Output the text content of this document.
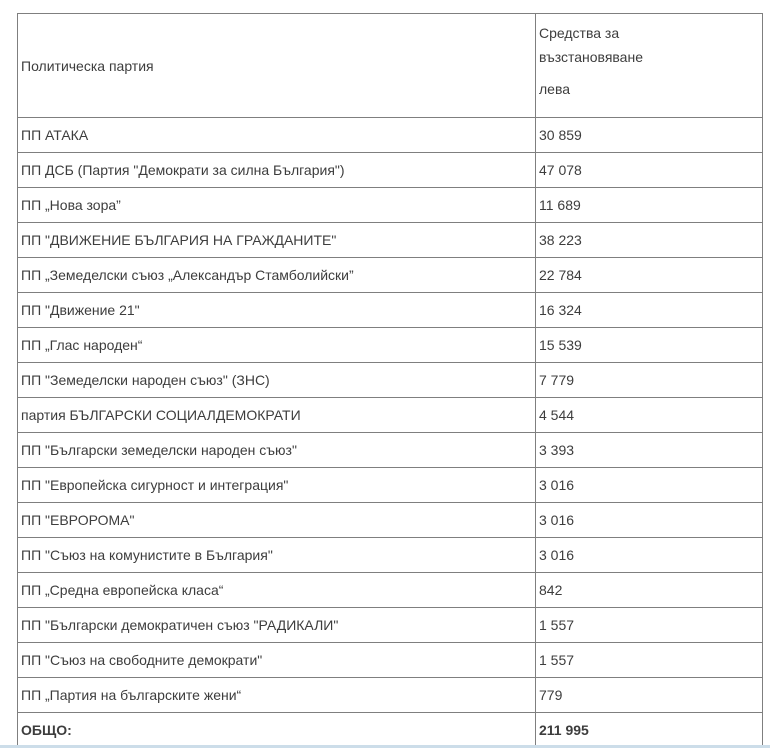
Политическа партия	Средства за възстановяване

лева

ПП АТАКА	30 859
ПП ДСБ (Партия "Демократи за силна България")	47 078
ПП „Нова зора”	11 689
ПП "ДВИЖЕНИЕ БЪЛГАРИЯ НА ГРАЖДАНИТЕ"	38 223
ПП „Земеделски съюз „Александър Стамболийски”	22 784
ПП "Движение 21"	16 324
ПП „Глас народен“	15 539
ПП "Земеделски народен съюз" (ЗНС)	7 779
партия БЪЛГАРСКИ СОЦИАЛДЕМОКРАТИ	4 544
ПП "Български земеделски народен съюз"	3 393
ПП "Европейска сигурност и интеграция"	3 016
ПП "ЕВРОРОМА"	3 016
ПП "Съюз на комунистите в България"	3 016
ПП „Средна европейска класа“	842
ПП "Български демократичен съюз "РАДИКАЛИ"	1 557
ПП "Съюз на свободните демократи"	1 557
ПП „Партия на българските жени“	779
ОБЩО:	211 995
